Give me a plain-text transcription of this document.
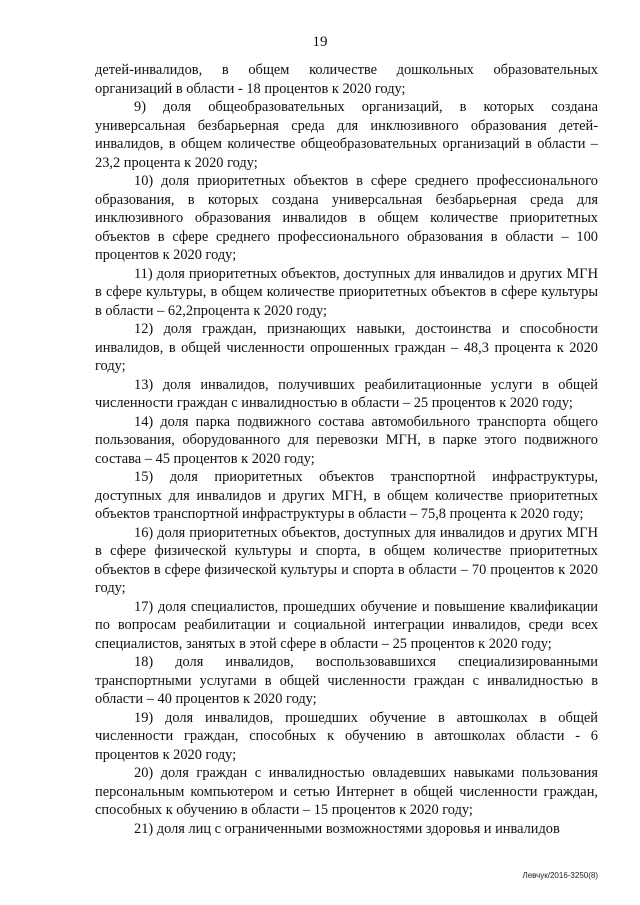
19

детей-инвалидов, в общем количестве дошкольных образовательных организаций в области - 18 процентов к 2020 году;

9) доля общеобразовательных организаций, в которых создана универсальная безбарьерная среда для инклюзивного образования детей-инвалидов, в общем количестве общеобразовательных организаций в области – 23,2 процента к 2020 году;

10) доля приоритетных объектов в сфере среднего профессионального образования, в которых создана универсальная безбарьерная среда для инклюзивного образования инвалидов в общем количестве приоритетных объектов в сфере среднего профессионального образования в области – 100 процентов к 2020 году;

11) доля приоритетных объектов, доступных для инвалидов и других МГН в сфере культуры, в общем количестве приоритетных объектов в сфере культуры в области – 62,2процента к 2020 году;

12) доля граждан, признающих навыки, достоинства и способности инвалидов, в общей численности опрошенных граждан – 48,3 процента к 2020 году;

13) доля инвалидов, получивших реабилитационные услуги в общей численности граждан с инвалидностью в области – 25 процентов к 2020 году;

14) доля парка подвижного состава автомобильного транспорта общего пользования, оборудованного для перевозки МГН, в парке этого подвижного состава – 45 процентов к 2020 году;

15) доля приоритетных объектов транспортной инфраструктуры, доступных для инвалидов и других МГН, в общем количестве приоритетных объектов транспортной инфраструктуры в области – 75,8 процента к 2020 году;

16) доля приоритетных объектов, доступных для инвалидов и других МГН в сфере физической культуры и спорта, в общем количестве приоритетных объектов в сфере физической культуры и спорта в области – 70 процентов к 2020 году;

17) доля специалистов, прошедших обучение и повышение квалификации по вопросам реабилитации и социальной интеграции инвалидов, среди всех специалистов, занятых в этой сфере в области – 25 процентов к 2020 году;

18) доля инвалидов, воспользовавшихся специализированными транспортными услугами в общей численности граждан с инвалидностью в области – 40 процентов к 2020 году;

19) доля инвалидов, прошедших обучение в автошколах в общей численности граждан, способных к обучению в автошколах области - 6 процентов к 2020 году;

20) доля граждан с инвалидностью овладевших навыками пользования персональным компьютером и сетью Интернет в общей численности граждан, способных к обучению в области – 15 процентов к 2020 году;

21) доля лиц с ограниченными возможностями здоровья и инвалидов

Левчук/2016-3250(8)
